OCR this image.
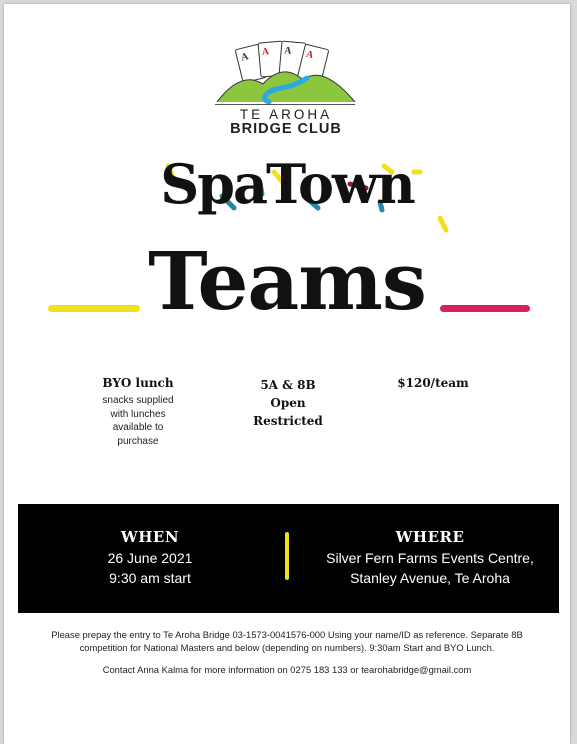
A A A A
TE AROHA
BRIDGE CLUB
SpaTown
Teams
BYO lunch
snacks supplied
with lunches
available to
purchase
5A & 8B
Open
Restricted
$120/team
WHEN
26 June 2021
9:30 am start
WHERE
Silver Fern Farms Events Centre,
Stanley Avenue, Te Aroha
Please prepay the entry to Te Aroha Bridge 03-1573-0041576-000 Using your name/ID as reference. Separate 8B
competition for National Masters and below (depending on numbers). 9:30am Start and BYO Lunch.
Contact Anna Kalma for more information on 0275 183 133 or tearohabridge@gmail.com
